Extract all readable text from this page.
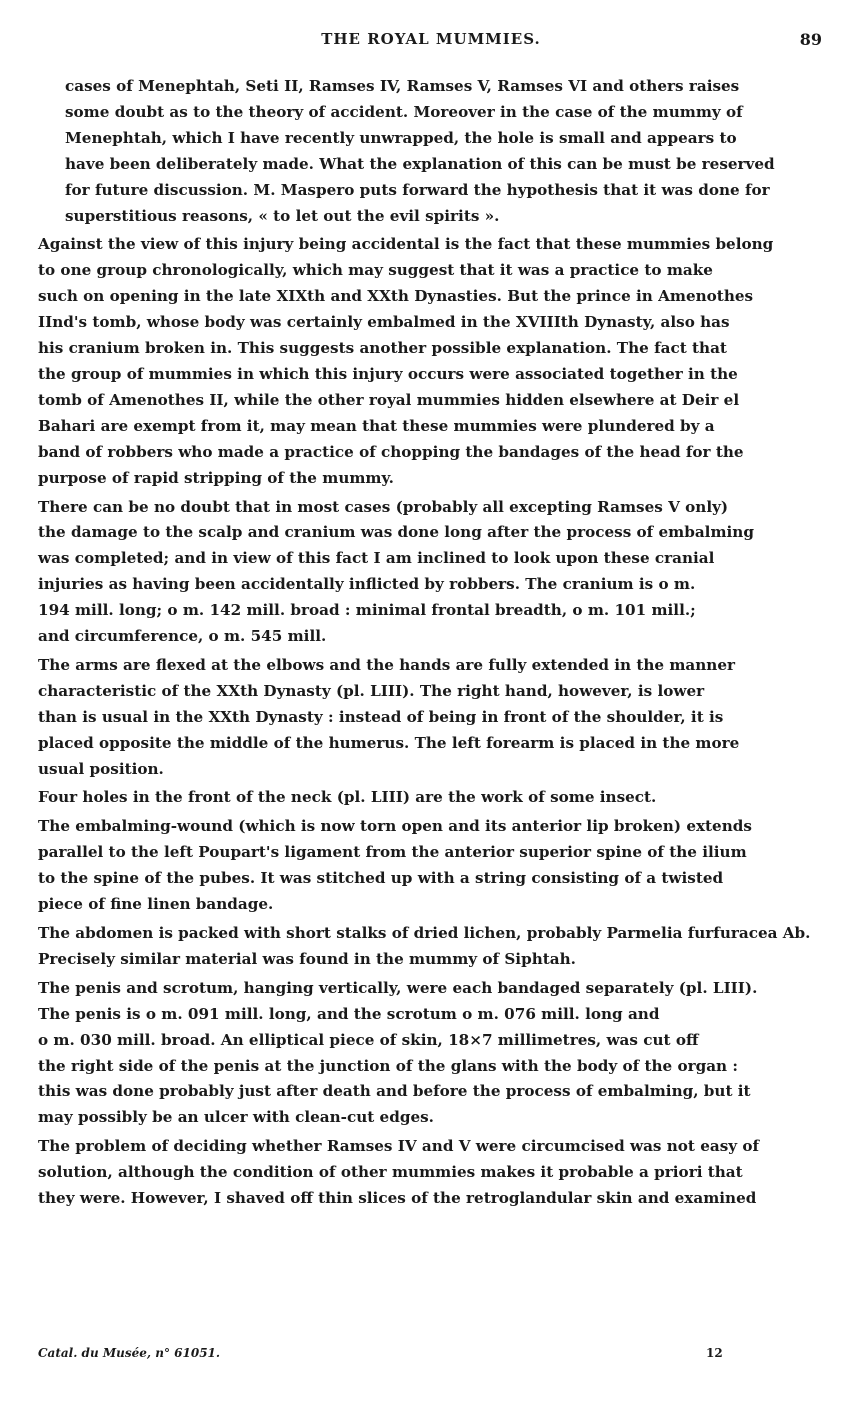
THE ROYAL MUMMIES.	89

cases of Menephtah, Seti II, Ramses IV, Ramses V, Ramses VI and others raises
some doubt as to the theory of accident. Moreover in the case of the mummy of
Menephtah, which I have recently unwrapped, the hole is small and appears to
have been deliberately made. What the explanation of this can be must be reserved
for future discussion. M. Maspero puts forward the hypothesis that it was done for
superstitious reasons, « to let out the evil spirits ».

Against the view of this injury being accidental is the fact that these mummies belong
to one group chronologically, which may suggest that it was a practice to make
such on opening in the late XIXth and XXth Dynasties. But the prince in Amenothes
IInd's tomb, whose body was certainly embalmed in the XVIIIth Dynasty, also has
his cranium broken in. This suggests another possible explanation. The fact that
the group of mummies in which this injury occurs were associated together in the
tomb of Amenothes II, while the other royal mummies hidden elsewhere at Deir el
Bahari are exempt from it, may mean that these mummies were plundered by a
band of robbers who made a practice of chopping the bandages of the head for the
purpose of rapid stripping of the mummy.

There can be no doubt that in most cases (probably all excepting Ramses V only)
the damage to the scalp and cranium was done long after the process of embalming
was completed; and in view of this fact I am inclined to look upon these cranial
injuries as having been accidentally inflicted by robbers. The cranium is o m.
194 mill. long; o m. 142 mill. broad : minimal frontal breadth, o m. 101 mill.;
and circumference, o m. 545 mill.

The arms are flexed at the elbows and the hands are fully extended in the manner
characteristic of the XXth Dynasty (pl. LIII). The right hand, however, is lower
than is usual in the XXth Dynasty : instead of being in front of the shoulder, it is
placed opposite the middle of the humerus. The left forearm is placed in the more
usual position.

Four holes in the front of the neck (pl. LIII) are the work of some insect.

The embalming-wound (which is now torn open and its anterior lip broken) extends
parallel to the left Poupart's ligament from the anterior superior spine of the ilium
to the spine of the pubes. It was stitched up with a string consisting of a twisted
piece of fine linen bandage.

The abdomen is packed with short stalks of dried lichen, probably Parmelia furfuracea Ab.
Precisely similar material was found in the mummy of Siphtah.

The penis and scrotum, hanging vertically, were each bandaged separately (pl. LIII).
The penis is o m. 091 mill. long, and the scrotum o m. 076 mill. long and
o m. 030 mill. broad. An elliptical piece of skin, 18×7 millimetres, was cut off
the right side of the penis at the junction of the glans with the body of the organ :
this was done probably just after death and before the process of embalming, but it
may possibly be an ulcer with clean-cut edges.

The problem of deciding whether Ramses IV and V were circumcised was not easy of
solution, although the condition of other mummies makes it probable a priori that
they were. However, I shaved off thin slices of the retroglandular skin and examined

Catal. du Musée, n° 61051.	12
